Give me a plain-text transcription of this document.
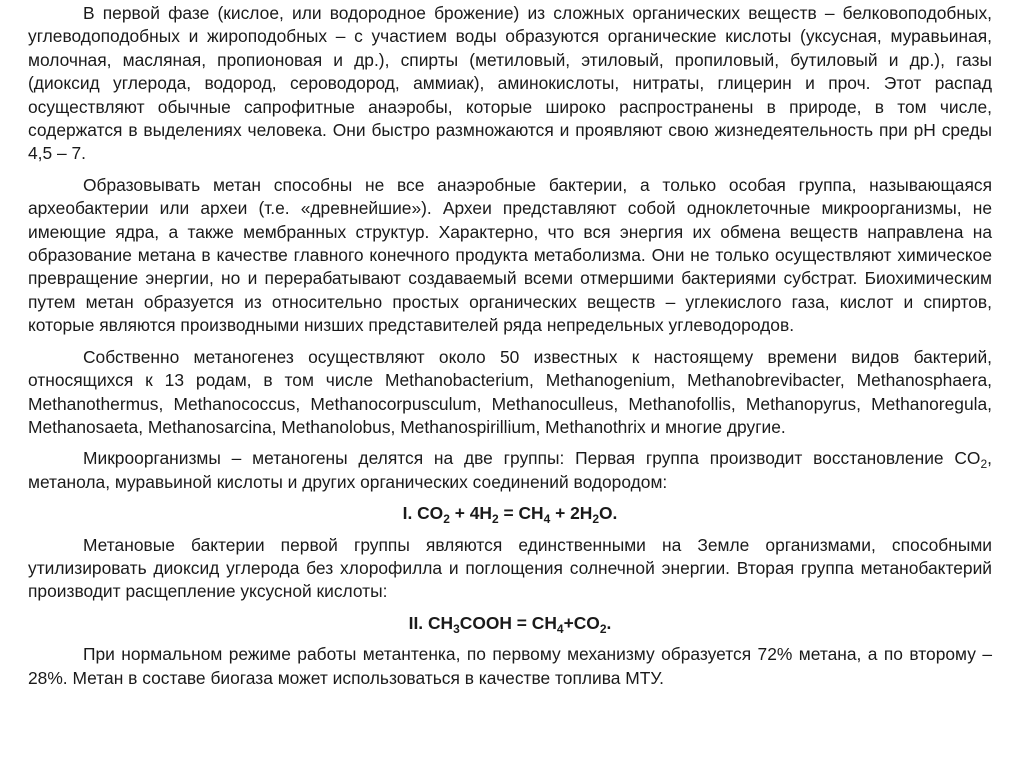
В первой фазе (кислое, или водородное брожение) из сложных органических веществ – белковоподобных, углеводоподобных и жироподобных – с участием воды образуются органические кислоты (уксусная, муравьиная, молочная, масляная, пропионовая и др.), спирты (метиловый, этиловый, пропиловый, бутиловый и др.), газы (диоксид углерода, водород, сероводород, аммиак), аминокислоты, нитраты, глицерин и проч. Этот распад осуществляют обычные сапрофитные анаэробы, которые широко распространены в природе, в том числе, содержатся в выделениях человека. Они быстро размножаются и проявляют свою жизнедеятельность при pH среды 4,5 – 7.

Образовывать метан способны не все анаэробные бактерии, а только особая группа, называющаяся археобактерии или археи (т.е. «древнейшие»). Археи представляют собой одноклеточные микроорганизмы, не имеющие ядра, а также мембранных структур. Характерно, что вся энергия их обмена веществ направлена на образование метана в качестве главного конечного продукта метаболизма. Они не только осуществляют химическое превращение энергии, но и перерабатывают создаваемый всеми отмершими бактериями субстрат. Биохимическим путем метан образуется из относительно простых органических веществ – углекислого газа, кислот и спиртов, которые являются производными низших представителей ряда непредельных углеводородов.

Собственно метаногенез осуществляют около 50 известных к настоящему времени видов бактерий, относящихся к 13 родам, в том числе Methanobacterium, Methanogenium, Methanobrevibacter, Methanosphaera, Methanothermus, Methanococcus, Methanocorpusculum, Methanoculleus, Methanofollis, Methanopyrus, Methanoregula, Methanosaeta, Methanosarcina, Methanolobus, Methanospirillium, Methanothrix и многие другие.

Микроорганизмы – метаногены делятся на две группы: Первая группа производит восстановление $CO_2$, метанола, муравьиной кислоты и других органических соединений водородом:

I. $CO_2 + 4H_2 = CH_4 + 2H_2O$.

Метановые бактерии первой группы являются единственными на Земле организмами, способными утилизировать диоксид углерода без хлорофилла и поглощения солнечной энергии. Вторая группа метанобактерий производит расщепление уксусной кислоты:

II. $CH_3COOH = CH_4+CO_2$.

При нормальном режиме работы метантенка, по первому механизму образуется 72% метана, а по второму – 28%. Метан в составе биогаза может использоваться в качестве топлива МТУ.
